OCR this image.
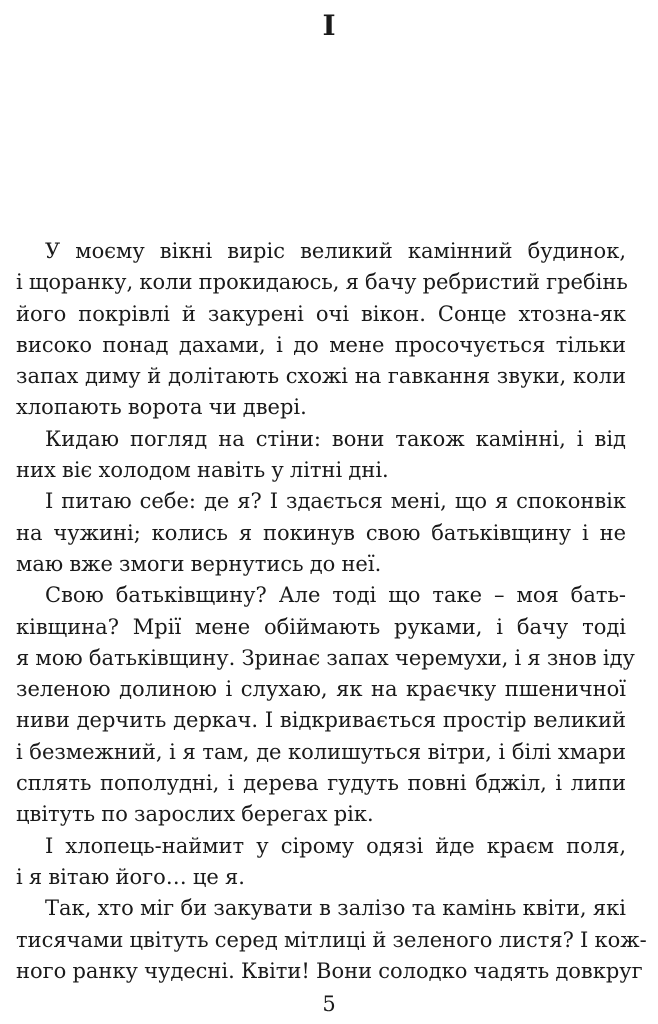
I
У моєму вікні виріс великий камінний будинок,
і щоранку, коли прокидаюсь, я бачу ребристий гребінь
його покрівлі й закурені очі вікон. Сонце хтозна-як
високо понад дахами, і до мене просочується тільки
запах диму й долітають схожі на гавкання звуки, коли
хлопають ворота чи двері.
Кидаю погляд на стіни: вони також камінні, і від
них віє холодом навіть у літні дні.
І питаю себе: де я? І здається мені, що я споконвік
на чужині; колись я покинув свою батьківщину і не
маю вже змоги вернутись до неї.
Свою батьківщину? Але тоді що таке – моя бать-
ківщина? Мрії мене обіймають руками, і бачу тоді
я мою батьківщину. Зринає запах черемухи, і я знов іду
зеленою долиною і слухаю, як на краєчку пшеничної
ниви дерчить деркач. І відкривається простір великий
і безмежний, і я там, де колишуться вітри, і білі хмари
сплять пополудні, і дерева гудуть повні бджіл, і липи
цвітуть по зарослих берегах рік.
І хлопець-наймит у сірому одязі йде краєм поля,
і я вітаю його… це я.
Так, хто міг би закувати в залізо та камінь квіти, які
тисячами цвітуть серед мітлиці й зеленого листя? І кож-
ного ранку чудесні. Квіти! Вони солодко чадять довкруг
5
